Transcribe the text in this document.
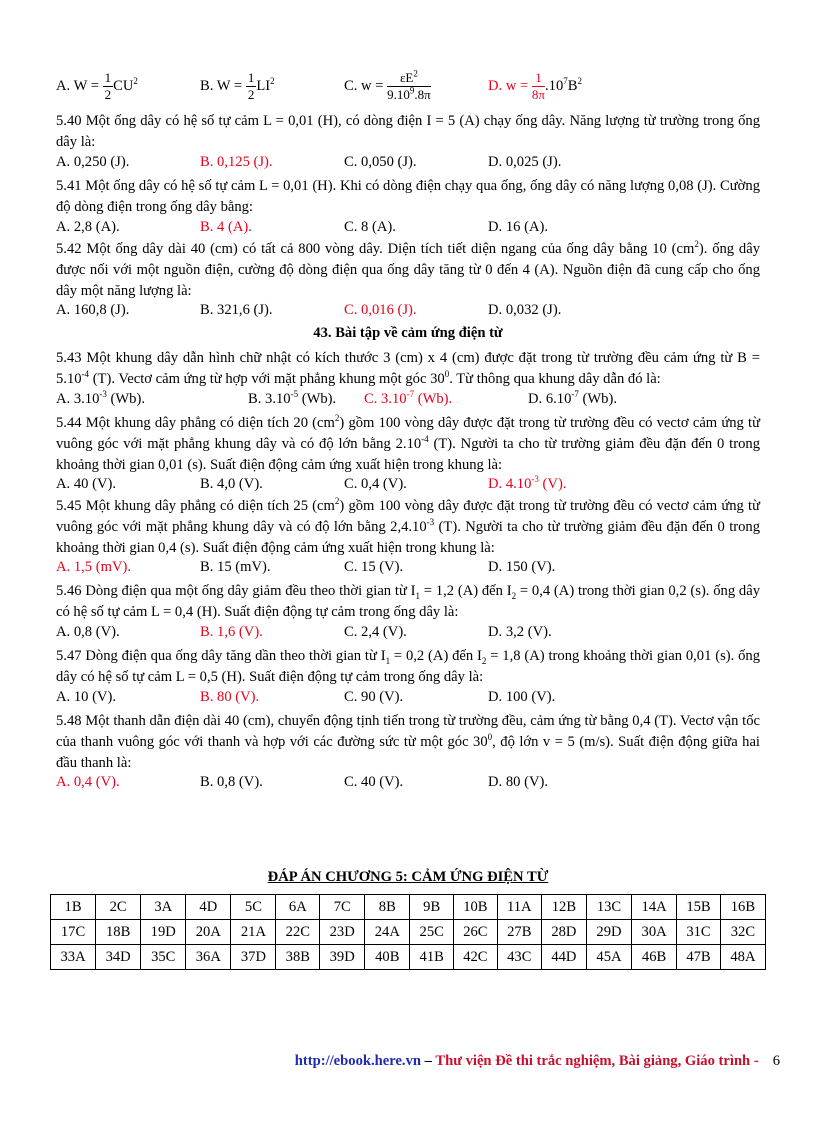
A. $W = \frac{1}{2} CU^2$	B. $W = \frac{1}{2} LI^2$	C. $w = \frac{\varepsilon E^2}{9.10^9.8\pi}$	D. $w = \frac{1}{8\pi} .10^7B^2$
5.40 Một ống dây có hệ số tự cảm L = 0,01 (H), có dòng điện I = 5 (A) chạy ống dây. Năng lượng từ trường trong ống dây là:
A. 0,250 (J).	B. 0,125 (J).	C. 0,050 (J).	D. 0,025 (J).
5.41 Một ống dây có hệ số tự cảm L = 0,01 (H). Khi có dòng điện chạy qua ống, ống dây có năng lượng 0,08 (J). Cường độ dòng điện trong ống dây bằng:
A. 2,8 (A).	B. 4 (A).	C. 8 (A).	D. 16 (A).
5.42 Một ống dây dài 40 (cm) có tất cả 800 vòng dây. Diện tích tiết diện ngang của ống dây bằng 10 $(cm^2)$. ống dây được nối với một nguồn điện, cường độ dòng điện qua ống dây tăng từ 0 đến 4 (A). Nguồn điện đã cung cấp cho ống dây một năng lượng là:
A. 160,8 (J).	B. 321,6 (J).	C. 0,016 (J).	D. 0,032 (J).
43. Bài tập về cảm ứng điện từ
5.43 Một khung dây dẫn hình chữ nhật có kích thước 3 (cm) x 4 (cm) được đặt trong từ trường đều cảm ứng từ $B = 5.10^{-4}$ (T). Vectơ cảm ứng từ hợp với mặt phẳng khung một góc $30^0$. Từ thông qua khung dây dẫn đó là:
A. $3.10^{-3}$ (Wb).	B. $3.10^{-5}$ (Wb). C. $3.10^{-7}$ (Wb).	D. $6.10^{-7}$ (Wb).
5.44 Một khung dây phẳng có diện tích 20 $(cm^2)$ gồm 100 vòng dây được đặt trong từ trường đều có vectơ cảm ứng từ vuông góc với mặt phẳng khung dây và có độ lớn bằng $2.10^{-4}$ (T). Người ta cho từ trường giảm đều đặn đến 0 trong khoảng thời gian 0,01 (s). Suất điện động cảm ứng xuất hiện trong khung là:
A. 40 (V).	B. 4,0 (V).	C. 0,4 (V).	D. $4.10^{-3}$ (V).
5.45 Một khung dây phẳng có diện tích 25 $(cm^2)$ gồm 100 vòng dây được đặt trong từ trường đều có vectơ cảm ứng từ vuông góc với mặt phẳng khung dây và có độ lớn bằng $2,4.10^{-3}$ (T). Người ta cho từ trường giảm đều đặn đến 0 trong khoảng thời gian 0,4 (s). Suất điện động cảm ứng xuất hiện trong khung là:
A. 1,5 (mV).	B. 15 (mV).	C. 15 (V).	D. 150 (V).
5.46 Dòng điện qua một ống dây giảm đều theo thời gian từ $I_1 = 1,2$ (A) đến $I_2 = 0,4$ (A) trong thời gian 0,2 (s). ống dây có hệ số tự cảm L = 0,4 (H). Suất điện động tự cảm trong ống dây là:
A. 0,8 (V).	B. 1,6 (V).	C. 2,4 (V).	D. 3,2 (V).
5.47 Dòng điện qua ống dây tăng dần theo thời gian từ $I_1 = 0,2$ (A) đến $I_2 = 1,8$ (A) trong khoảng thời gian 0,01 (s). ống dây có hệ số tự cảm L = 0,5 (H). Suất điện động tự cảm trong ống dây là:
A. 10 (V).	B. 80 (V).	C. 90 (V).	D. 100 (V).
5.48 Một thanh dẫn điện dài 40 (cm), chuyển động tịnh tiến trong từ trường đều, cảm ứng từ bằng 0,4 (T). Vectơ vận tốc của thanh vuông góc với thanh và hợp với các đường sức từ một góc $30^0$, độ lớn v = 5 (m/s). Suất điện động giữa hai đầu thanh là:
A. 0,4 (V).	B. 0,8 (V).	C. 40 (V).	D. 80 (V).
ĐÁP ÁN CHƯƠNG 5: CẢM ỨNG ĐIỆN TỪ
1B	2C	3A	4D	5C	6A	7C	8B	9B	10B	11A	12B	13C	14A	15B	16B
17C	18B	19D	20A	21A	22C	23D	24A	25C	26C	27B	28D	29D	30A	31C	32C
33A	34D	35C	36A	37D	38B	39D	40B	41B	42C	43C	44D	45A	46B	47B	48A
http://ebook.here.vn – Thư viện Đề thi trắc nghiệm, Bài giảng, Giáo trình - 6
